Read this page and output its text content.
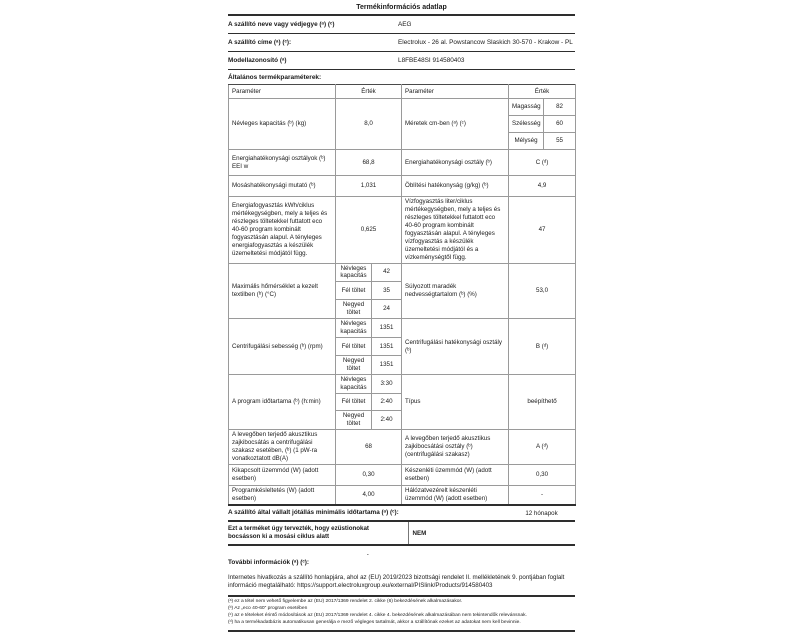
Termékinformációs adatlap
A szállító neve vagy védjegye (ᵃ) (ᶜ)	AEG
A szállító címe (ᵃ) (ᶜ):	Electrolux - 26 al. Powstancow Slaskich 30-570 - Krakow - PL
Modellazonosító (ᵃ)	L8FBE48SI 914580403
Általános termékparaméterek:
Paraméter	Érték		Paraméter	Érték	
Névleges kapacitás (ᵇ) (kg)	8,0		Méretek cm-ben (ᵃ) (ᶜ)	Magasság	82
				Szélesség	60
				Mélység	55
Energiahatékonysági osztályok (ᵇ) EEI w	68,8		Energiahatékonysági osztály (ᵇ)	C (ᵈ)	
Mosáshatékonysági mutató (ᵇ)	1,031		Öblítési hatékonyság (g/kg) (ᵇ)	4,9	
Energiafogyasztás kWh/ciklus mértékegységben, mely a teljes és részleges töltetekkel futtatott eco 40-60 program kombinált fogyasztásán alapul. A tényleges energiafogyasztás a készülék üzemeltetési módjától függ.	0,625	Vízfogyasztás liter/ciklus mértékegységben, mely a teljes és részleges töltetekkel futtatott eco 40-60 program kombinált fogyasztásán alapul. A tényleges vízfogyasztás a készülék üzemeltetési módjától és a vízkeménységtől függ.	47
Maximális hőmérséklet a kezelt textilben (ᵇ) (°C)	Névleges kapacitás	42	Súlyozott maradék nedvességtartalom (ᵇ) (%)	53,0	
	Fél töltet	35			
	Negyed töltet	24			
Centrifugálási sebesség (ᵇ) (rpm)	Névleges kapacitás	1351	Centrifugálási hatékonysági osztály (ᵇ)	B (ᵈ)	
	Fél töltet	1351			
	Negyed töltet	1351			
A program időtartama (ᵇ) (h:min)	Névleges kapacitás	3:30	Típus	beépíthető	
	Fél töltet	2:40			
	Negyed töltet	2:40			
A levegőben terjedő akusztikus zajkibocsátás a centrifugálási szakasz esetében, (ᵇ) (1 pW-ra vonatkoztatott dB(A)	68		A levegőben terjedő akusztikus zajkibocsátási osztály (ᵇ) (centrifugálási szakasz)	A (ᵈ)	
Kikapcsolt üzemmód (W) (adott esetben)	0,30		Készenléti üzemmód (W) (adott esetben)	0,30	
Programkésleltetés (W) (adott esetben)	4,00		Hálózatvezérelt készenléti üzemmód (W) (adott esetben)	-	
A szállító által vállalt jótállás minimális időtartama (ᵃ) (ᶜ):	12 hónapok
Ezt a terméket úgy tervezték, hogy ezüstionokat bocsásson ki a mosási ciklus alatt	NEM
További információk (ᵃ) (ᶜ):
-
Internetes hivatkozás a szállító honlapjára, ahol az (EU) 2019/2023 bizottsági rendelet II. mellékletének 9. pontjában foglalt információ megtalálható: https://support.electroluxgroup.eu/external/PISlink/Products/914580403
(ᵃ) ez a tétel nem vehető figyelembe az (EU) 2017/1369 rendelet 2. cikke (6) bekezdésének alkalmazásakor.
(ᵇ) Az „eco 40-60” program esetében
(ᶜ) az e tételeket érintő módosítások az (EU) 2017/1369 rendelet 4. cikke 4. bekezdésének alkalmazásában nem tekintendők relevánsnak.
(ᵈ) ha a termékadatbázis automatikusan generálja e mező végleges tartalmát, akkor a szállítónak ezeket az adatokat nem kell bevinnie.
